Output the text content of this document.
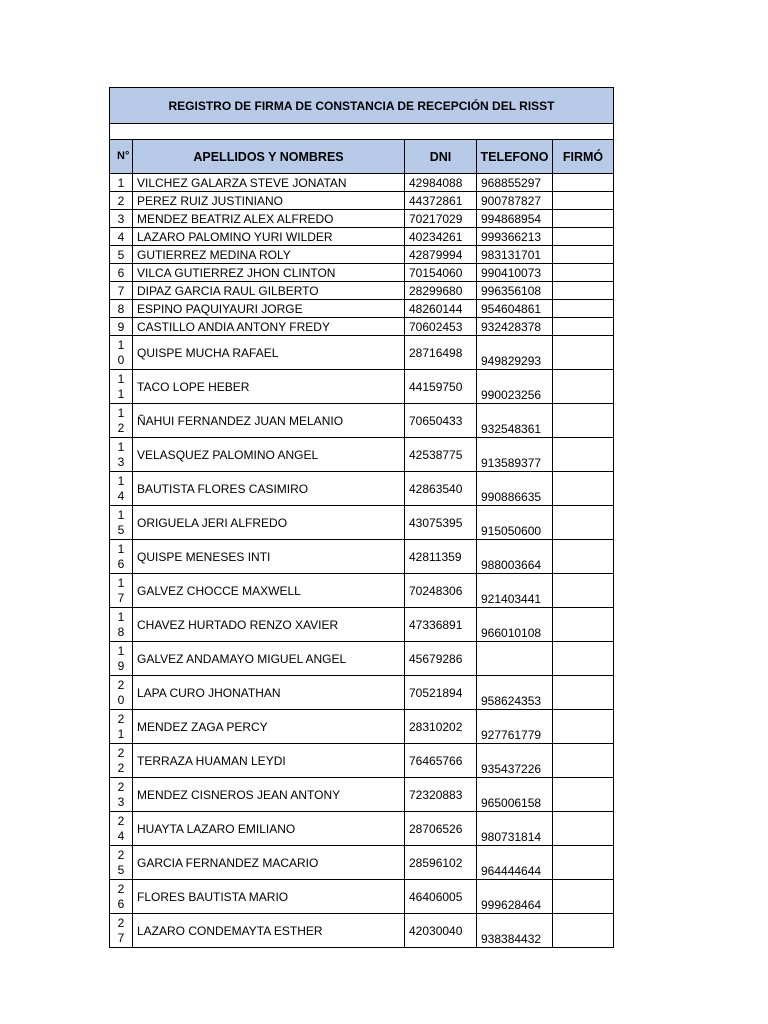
REGISTRO DE FIRMA DE CONSTANCIA DE RECEPCIÓN DEL RISST				

N°	APELLIDOS Y NOMBRES	DNI	TELEFONO	FIRMÓ
1	VILCHEZ GALARZA STEVE JONATAN	42984088	968855297	
2	PEREZ RUIZ JUSTINIANO	44372861	900787827	
3	MENDEZ BEATRIZ ALEX ALFREDO	70217029	994868954	
4	LAZARO PALOMINO YURI WILDER	40234261	999366213	
5	GUTIERREZ MEDINA ROLY	42879994	983131701	
6	VILCA GUTIERREZ JHON CLINTON	70154060	990410073	
7	DIPAZ GARCIA RAUL GILBERTO	28299680	996356108	
8	ESPINO PAQUIYAURI JORGE	48260144	954604861	
9	CASTILLO ANDIA ANTONY FREDY	70602453	932428378	
10	QUISPE MUCHA RAFAEL	28716498	949829293	
11	TACO LOPE HEBER	44159750	990023256	
12	ÑAHUI FERNANDEZ JUAN MELANIO	70650433	932548361	
13	VELASQUEZ PALOMINO ANGEL	42538775	913589377	
14	BAUTISTA FLORES CASIMIRO	42863540	990886635	
15	ORIGUELA JERI ALFREDO	43075395	915050600	
16	QUISPE MENESES INTI	42811359	988003664	
17	GALVEZ CHOCCE MAXWELL	70248306	921403441	
18	CHAVEZ HURTADO RENZO XAVIER	47336891	966010108	
19	GALVEZ ANDAMAYO MIGUEL ANGEL	45679286		
20	LAPA CURO JHONATHAN	70521894	958624353	
21	MENDEZ ZAGA PERCY	28310202	927761779	
22	TERRAZA HUAMAN LEYDI	76465766	935437226	
23	MENDEZ CISNEROS JEAN ANTONY	72320883	965006158	
24	HUAYTA LAZARO EMILIANO	28706526	980731814	
25	GARCIA FERNANDEZ MACARIO	28596102	964444644	
26	FLORES BAUTISTA MARIO	46406005	999628464	
27	LAZARO CONDEMAYTA ESTHER	42030040	938384432	
